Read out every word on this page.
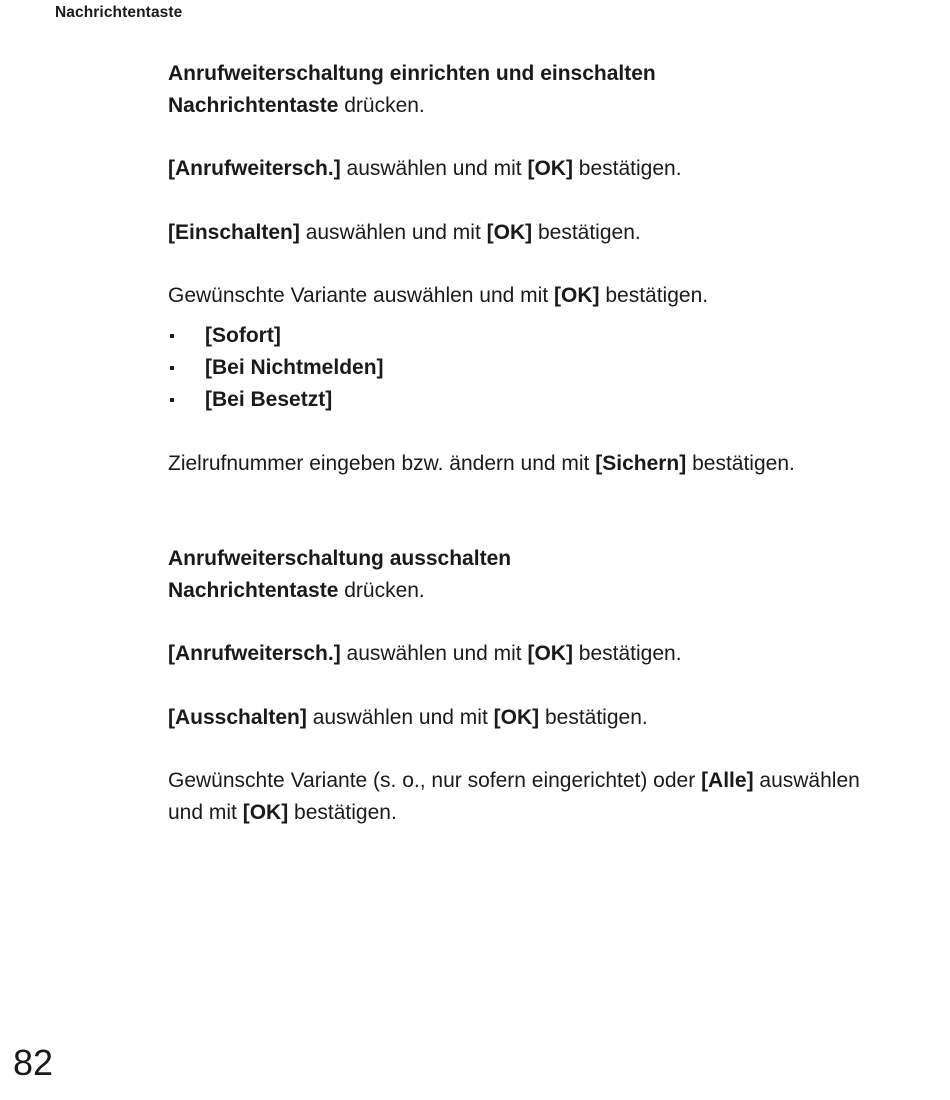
Nachrichtentaste

Anrufweiterschaltung einrichten und einschalten

Nachrichtentaste drücken.

[Anrufweitersch.] auswählen und mit [OK] bestätigen.

[Einschalten] auswählen und mit [OK] bestätigen.

Gewünschte Variante auswählen und mit [OK] bestätigen.

[Sofort]
[Bei Nichtmelden]
[Bei Besetzt]

Zielrufnummer eingeben bzw. ändern und mit [Sichern] bestätigen.

Anrufweiterschaltung ausschalten

Nachrichtentaste drücken.

[Anrufweitersch.] auswählen und mit [OK] bestätigen.

[Ausschalten] auswählen und mit [OK] bestätigen.

Gewünschte Variante (s. o., nur sofern eingerichtet) oder [Alle] auswählen
und mit [OK] bestätigen.

82
